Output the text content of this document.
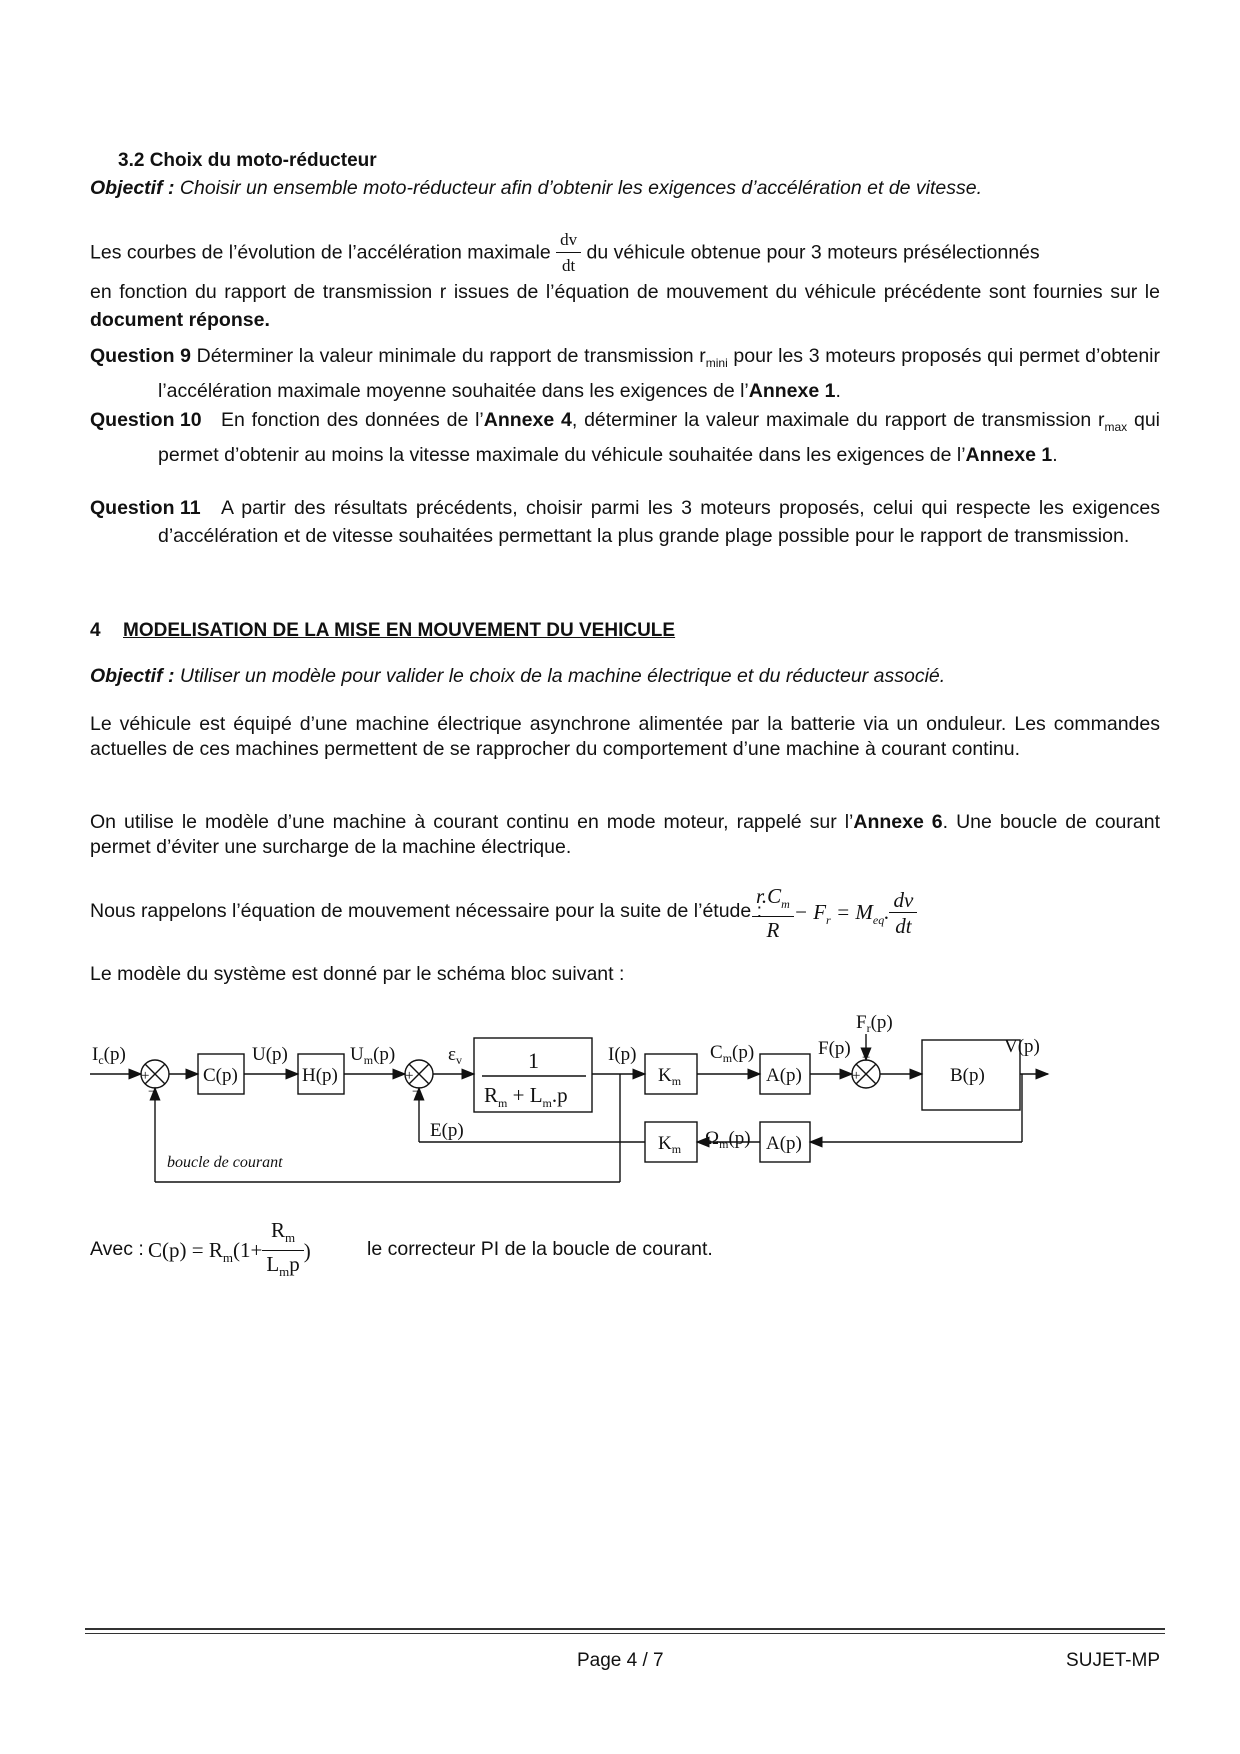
3.2 Choix du moto-réducteur
Objectif : Choisir un ensemble moto-réducteur afin d’obtenir les exigences d’accélération et de vitesse.
Les courbes de l’évolution de l’accélération maximale $\frac{dv}{dt}$ du véhicule obtenue pour 3 moteurs présélectionnés
en fonction du rapport de transmission r issues de l’équation de mouvement du véhicule précédente sont fournies sur le document réponse.
Question 9 Déterminer la valeur minimale du rapport de transmission $r_{mini}$ pour les 3 moteurs proposés qui permet d’obtenir l’accélération maximale moyenne souhaitée dans les exigences de l’Annexe 1.
Question 10 En fonction des données de l’Annexe 4, déterminer la valeur maximale du rapport de transmission $r_{max}$ qui permet d’obtenir au moins la vitesse maximale du véhicule souhaitée dans les exigences de l’Annexe 1.
Question 11	A partir des résultats précédents, choisir parmi les 3 moteurs proposés, celui qui respecte les exigences d’accélération et de vitesse souhaitées permettant la plus grande plage possible pour le rapport de transmission.
4 MODELISATION DE LA MISE EN MOUVEMENT DU VEHICULE
Objectif : Utiliser un modèle pour valider le choix de la machine électrique et du réducteur associé.
Le véhicule est équipé d’une machine électrique asynchrone alimentée par la batterie via un onduleur. Les commandes actuelles de ces machines permettent de se rapprocher du comportement d’une machine à courant continu.
On utilise le modèle d’une machine à courant continu en mode moteur, rappelé sur l’Annexe 6. Une boucle de courant permet d’éviter une surcharge de la machine électrique.
Nous rappelons l’équation de mouvement nécessaire pour la suite de l’étude :
$\frac{r.C_m}{R} - F_r = M_{eq}$. $\frac{dv}{dt}$
Le modèle du système est donné par le schéma bloc suivant :
Avec : $C(p) = R_m(1+ \frac{R_m}{L_mp}$ )	le correcteur PI de la boucle de courant.
$I_c(p)$
+
−
C(p)
U(p)
H(p)
$U_m(p)$
+
−
$\varepsilon_v$	1
$R_m + L_m.p$
I(p)
$K_m$
$C_m(p)$
A(p)
F(p)
$F_r(p)$
+
−
B(p)
V(p)
E(p)
$K_m$ $\Omega_m(p)$ A(p)
boucle de courant
Page 4 / 7	SUJET-MP
